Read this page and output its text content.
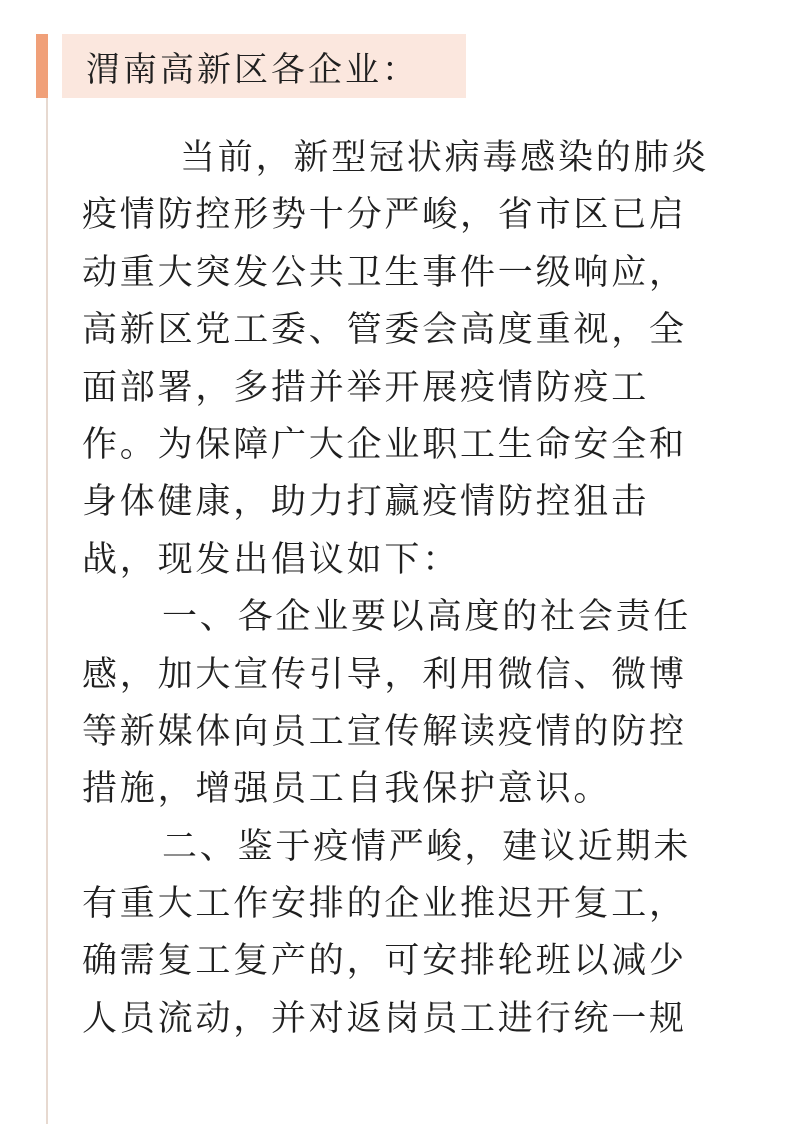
渭南高新区各企业：
当前，新型冠状病毒感染的肺炎
疫情防控形势十分严峻，省市区已启
动重大突发公共卫生事件一级响应，
高新区党工委、管委会高度重视，全
面部署，多措并举开展疫情防疫工
作。为保障广大企业职工生命安全和
身体健康，助力打赢疫情防控狙击
战，现发出倡议如下：
一、各企业要以高度的社会责任
感，加大宣传引导，利用微信、微博
等新媒体向员工宣传解读疫情的防控
措施，增强员工自我保护意识。
二、鉴于疫情严峻，建议近期未
有重大工作安排的企业推迟开复工，
确需复工复产的，可安排轮班以减少
人员流动，并对返岗员工进行统一规
